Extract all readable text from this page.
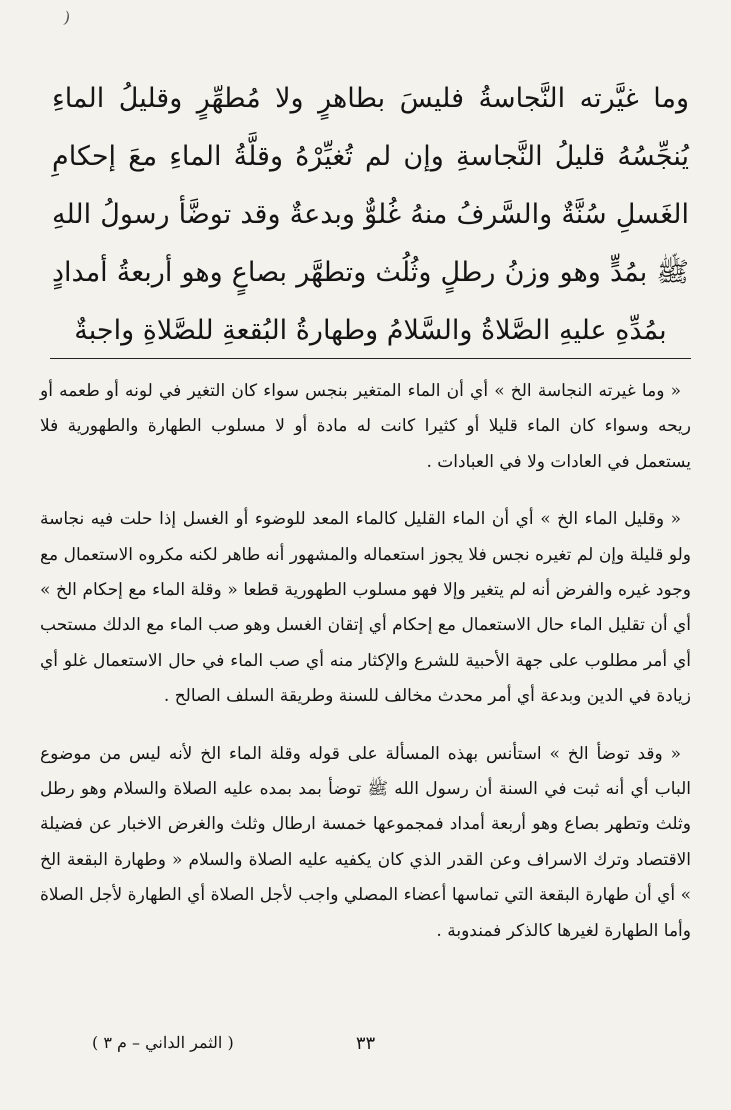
(

وما غيَّرته النَّجاسةُ فليسَ بطاهرٍ ولا مُطهِّرٍ وقليلُ الماءِ يُنجِّسُهُ قليلُ النَّجاسةِ وإن لم تُغيِّرْهُ وقلَّةُ الماءِ معَ إحكامِ الغَسلِ سُنَّةٌ والسَّرفُ منهُ غُلوٌّ وبدعةٌ وقد توضَّأ رسولُ اللهِ ﷺ بمُدٍّ وهو وزنُ رطلٍ وثُلُث وتطهَّر بصاعٍ وهو أربعةُ أمدادٍ بمُدِّهِ عليهِ الصَّلاةُ والسَّلامُ وطهارةُ البُقعةِ للصَّلاةِ واجبةٌ

« وما غيرته النجاسة الخ » أي أن الماء المتغير بنجس سواء كان التغير في لونه أو طعمه أو ريحه وسواء كان الماء قليلا أو كثيرا كانت له مادة أو لا مسلوب الطهارة والطهورية فلا يستعمل في العادات ولا في العبادات .

« وقليل الماء الخ » أي أن الماء القليل كالماء المعد للوضوء أو الغسل إذا حلت فيه نجاسة ولو قليلة وإن لم تغيره نجس فلا يجوز استعماله والمشهور أنه طاهر لكنه مكروه الاستعمال مع وجود غيره والفرض أنه لم يتغير وإلا فهو مسلوب الطهورية قطعا « وقلة الماء مع إحكام الخ » أي أن تقليل الماء حال الاستعمال مع إحكام أي إتقان الغسل وهو صب الماء مع الدلك مستحب أي أمر مطلوب على جهة الأحبية للشرع والإكثار منه أي صب الماء في حال الاستعمال غلو أي زيادة في الدين وبدعة أي أمر محدث مخالف للسنة وطريقة السلف الصالح .

« وقد توضأ الخ » استأنس بهذه المسألة على قوله وقلة الماء الخ لأنه ليس من موضوع الباب أي أنه ثبت في السنة أن رسول الله ﷺ توضأ بمد بمده عليه الصلاة والسلام وهو رطل وثلث وتطهر بصاع وهو أربعة أمداد فمجموعها خمسة ارطال وثلث والغرض الاخبار عن فضيلة الاقتصاد وترك الاسراف وعن القدر الذي كان يكفيه عليه الصلاة والسلام « وطهارة البقعة الخ » أي أن طهارة البقعة التي تماسها أعضاء المصلي واجب لأجل الصلاة أي الطهارة لأجل الصلاة وأما الطهارة لغيرها كالذكر فمندوبة .

٣٣
( الثمر الداني – م ٣ )
